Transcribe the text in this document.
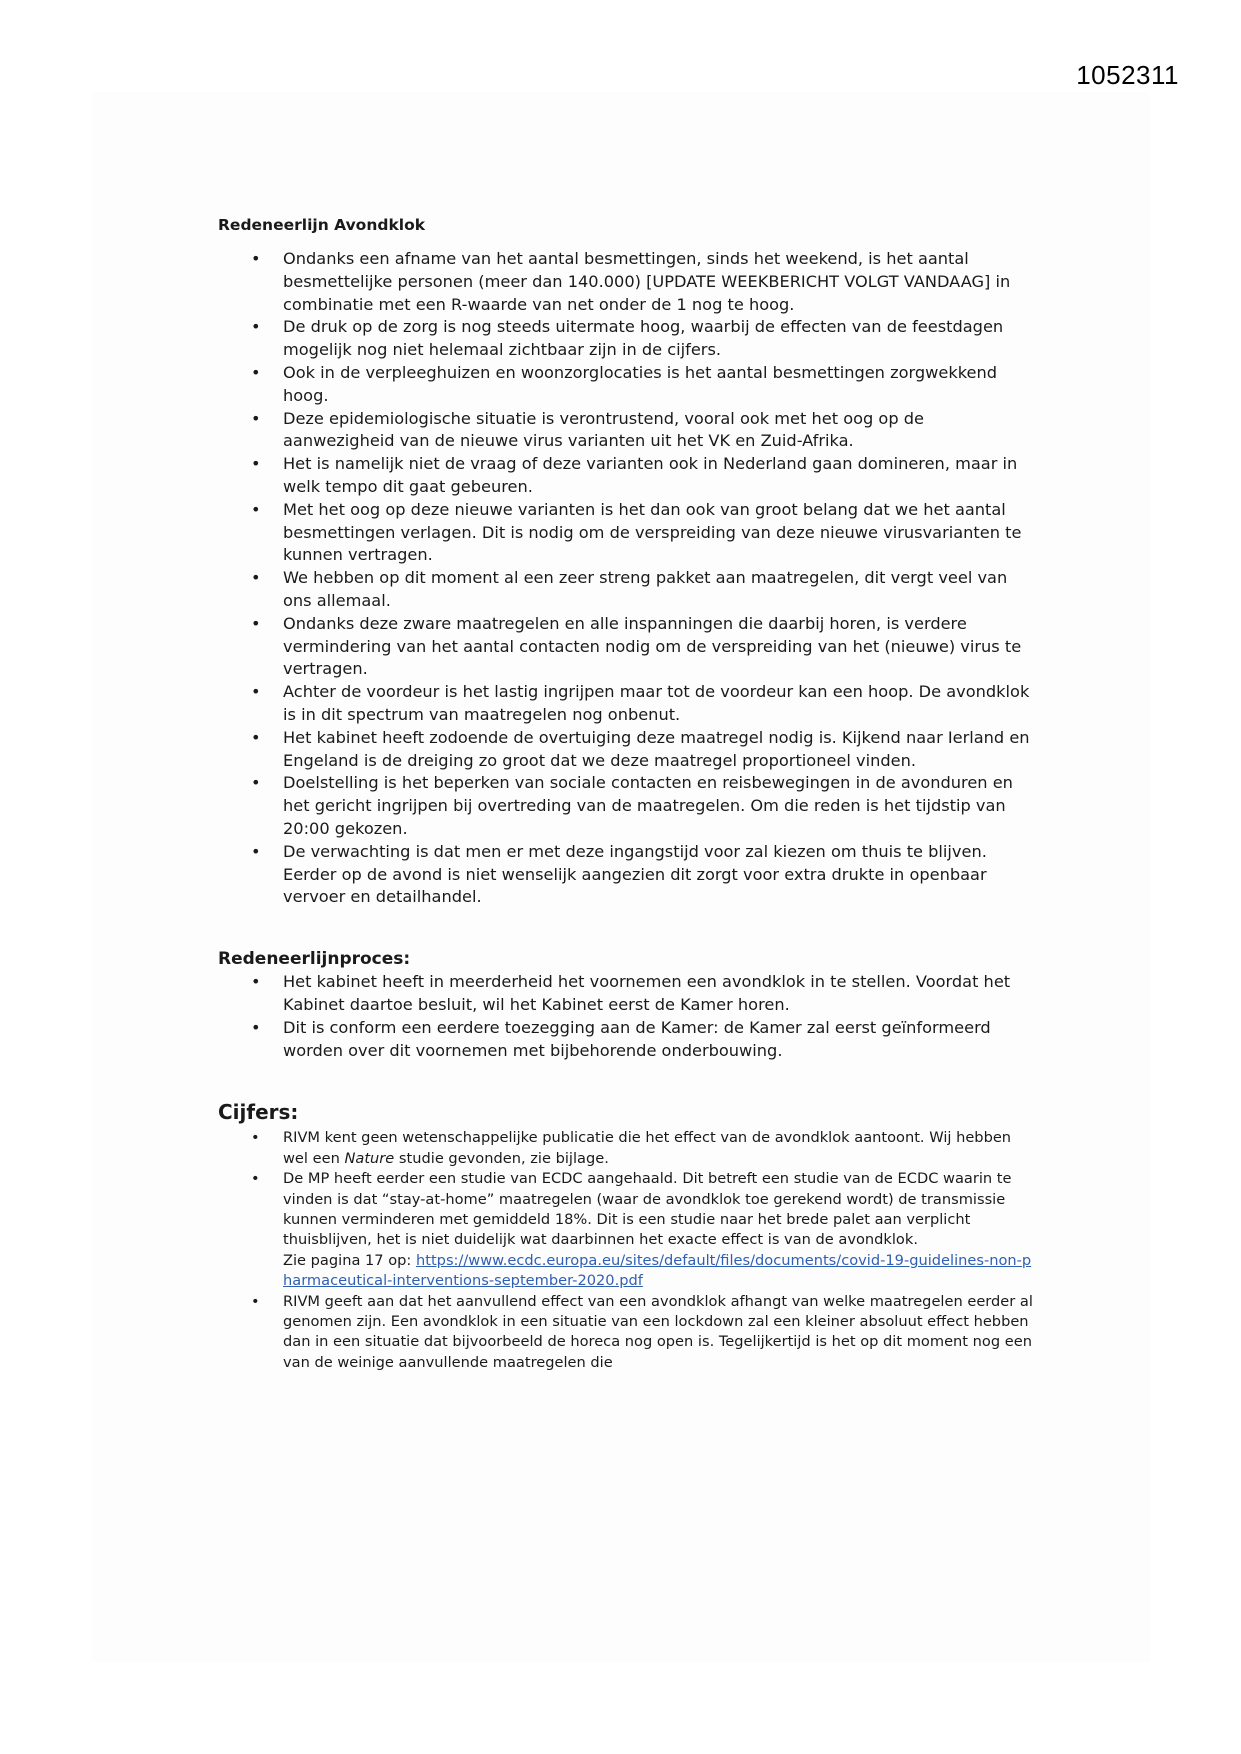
1052311
Redeneerlijn Avondklok
• Ondanks een afname van het aantal besmettingen, sinds het weekend, is het aantal besmettelijke personen (meer dan 140.000) [UPDATE WEEKBERICHT VOLGT VANDAAG] in combinatie met een R-waarde van net onder de 1 nog te hoog.
• De druk op de zorg is nog steeds uitermate hoog, waarbij de effecten van de feestdagen mogelijk nog niet helemaal zichtbaar zijn in de cijfers.
• Ook in de verpleeghuizen en woonzorglocaties is het aantal besmettingen zorgwekkend hoog.
• Deze epidemiologische situatie is verontrustend, vooral ook met het oog op de aanwezigheid van de nieuwe virus varianten uit het VK en Zuid-Afrika.
• Het is namelijk niet de vraag of deze varianten ook in Nederland gaan domineren, maar in welk tempo dit gaat gebeuren.
• Met het oog op deze nieuwe varianten is het dan ook van groot belang dat we het aantal besmettingen verlagen. Dit is nodig om de verspreiding van deze nieuwe virusvarianten te kunnen vertragen.
• We hebben op dit moment al een zeer streng pakket aan maatregelen, dit vergt veel van ons allemaal.
• Ondanks deze zware maatregelen en alle inspanningen die daarbij horen, is verdere vermindering van het aantal contacten nodig om de verspreiding van het (nieuwe) virus te vertragen.
• Achter de voordeur is het lastig ingrijpen maar tot de voordeur kan een hoop. De avondklok is in dit spectrum van maatregelen nog onbenut.
• Het kabinet heeft zodoende de overtuiging deze maatregel nodig is. Kijkend naar Ierland en Engeland is de dreiging zo groot dat we deze maatregel proportioneel vinden.
• Doelstelling is het beperken van sociale contacten en reisbewegingen in de avonduren en het gericht ingrijpen bij overtreding van de maatregelen. Om die reden is het tijdstip van 20:00 gekozen.
• De verwachting is dat men er met deze ingangstijd voor zal kiezen om thuis te blijven. Eerder op de avond is niet wenselijk aangezien dit zorgt voor extra drukte in openbaar vervoer en detailhandel.
Redeneerlijnproces:
• Het kabinet heeft in meerderheid het voornemen een avondklok in te stellen. Voordat het Kabinet daartoe besluit, wil het Kabinet eerst de Kamer horen.
• Dit is conform een eerdere toezegging aan de Kamer: de Kamer zal eerst geïnformeerd worden over dit voornemen met bijbehorende onderbouwing.
Cijfers:
• RIVM kent geen wetenschappelijke publicatie die het effect van de avondklok aantoont. Wij hebben wel een Nature studie gevonden, zie bijlage.
• De MP heeft eerder een studie van ECDC aangehaald. Dit betreft een studie van de ECDC waarin te vinden is dat “stay-at-home” maatregelen (waar de avondklok toe gerekend wordt) de transmissie kunnen verminderen met gemiddeld 18%. Dit is een studie naar het brede palet aan verplicht thuisblijven, het is niet duidelijk wat daarbinnen het exacte effect is van de avondklok.
Zie pagina 17 op: https://www.ecdc.europa.eu/sites/default/files/documents/covid-19-guidelines-non-pharmaceutical-interventions-september-2020.pdf
• RIVM geeft aan dat het aanvullend effect van een avondklok afhangt van welke maatregelen eerder al genomen zijn. Een avondklok in een situatie van een lockdown zal een kleiner absoluut effect hebben dan in een situatie dat bijvoorbeeld de horeca nog open is. Tegelijkertijd is het op dit moment nog een van de weinige aanvullende maatregelen die
